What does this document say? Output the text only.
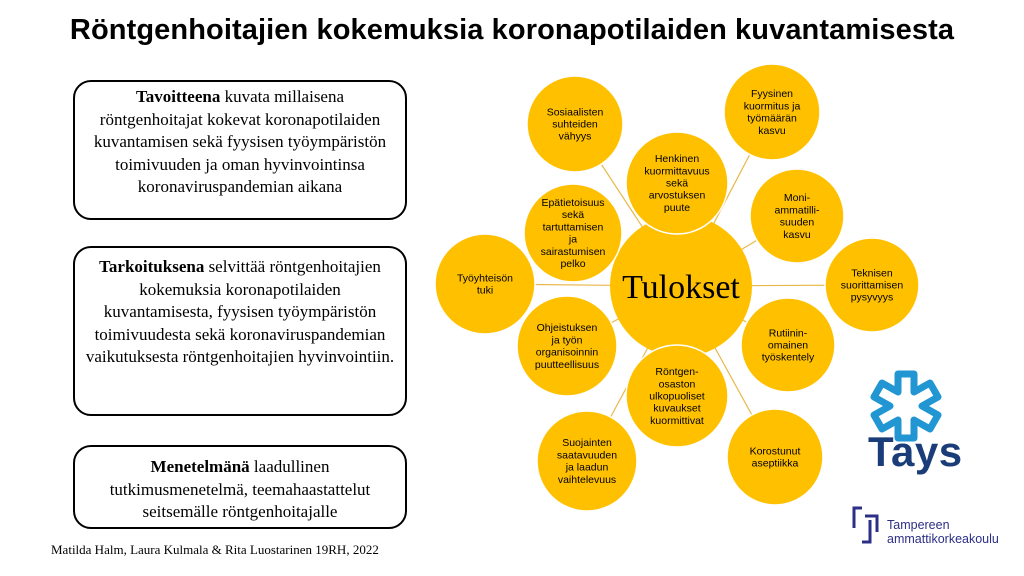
Röntgenhoitajien kokemuksia koronapotilaiden kuvantamisesta
Tavoitteena kuvata millaisena röntgenhoitajat kokevat koronapotilaiden kuvantamisen sekä fyysisen työympäristön toimivuuden ja oman hyvinvointinsa koronaviruspandemian aikana
Tarkoituksena selvittää röntgenhoitajien kokemuksia koronapotilaiden kuvantamisesta, fyysisen työympäristön toimivuudesta sekä koronaviruspandemian vaikutuksesta röntgenhoitajien hyvinvointiin.
Menetelmänä laadullinen tutkimusmenetelmä, teemahaastattelut seitsemälle röntgenhoitajalle
Matilda Halm, Laura Kulmala & Rita Luostarinen 19RH, 2022
Sosiaalisten
suhteiden
vähyys
Henkinen
kuormittavuus
sekä
arvostuksen
puute
Fyysinen
kuormitus ja
työmäärän
kasvu
Epätietoisuus
sekä
tartuttamisen
ja
sairastumisen
pelko
Moni-
ammatilli-
suuden
kasvu
Työyhteisön
tuki
Teknisen
suorittamisen
pysyvyys
Ohjeistuksen
ja työn
organisoinnin
puutteellisuus
Rutiinin-
omainen
työskentely
Röntgen-
osaston
ulkopuoliset
kuvaukset
kuormittivat
Suojainten
saatavuuden
ja laadun
vaihtelevuus
Korostunut
aseptiikka
Tulokset
Tays
Tampereen
ammattikorkeakoulu
